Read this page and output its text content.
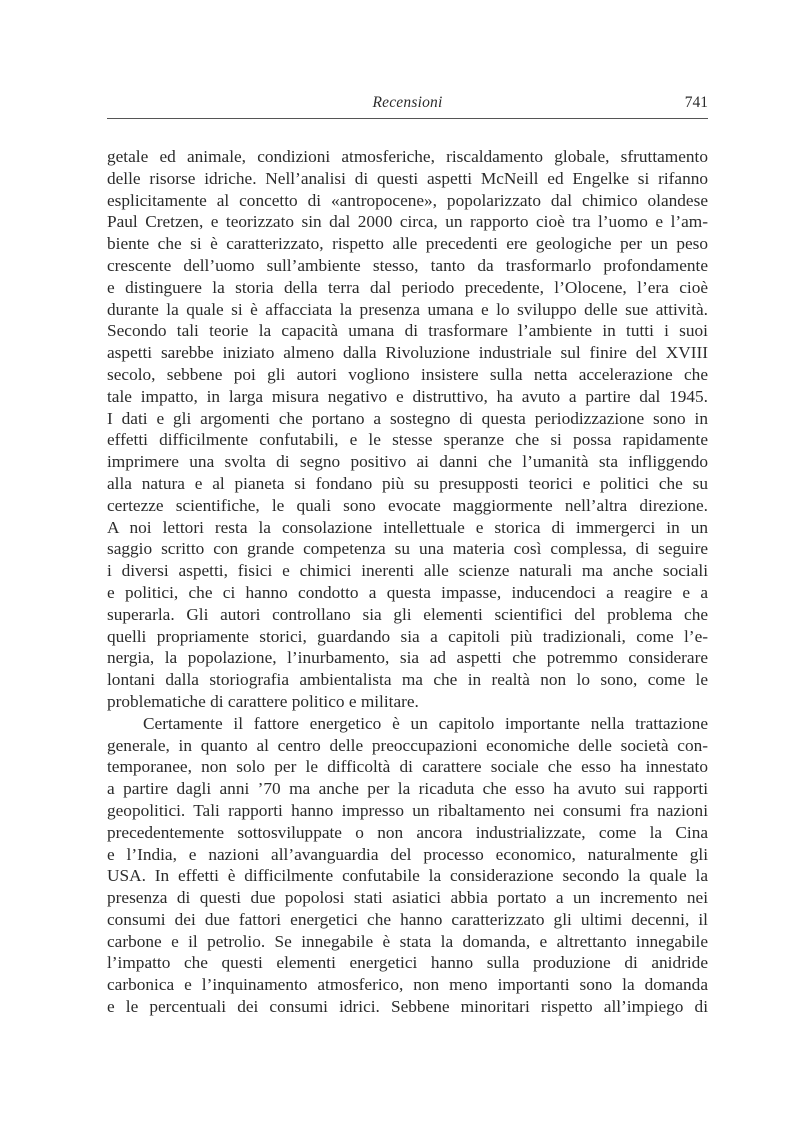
Recensioni	741
getale ed animale, condizioni atmosferiche, riscaldamento globale, sfruttamento
delle risorse idriche. Nell’analisi di questi aspetti McNeill ed Engelke si rifanno
esplicitamente al concetto di «antropocene», popolarizzato dal chimico olandese
Paul Cretzen, e teorizzato sin dal 2000 circa, un rapporto cioè tra l’uomo e l’am-
biente che si è caratterizzato, rispetto alle precedenti ere geologiche per un peso
crescente dell’uomo sull’ambiente stesso, tanto da trasformarlo profondamente
e distinguere la storia della terra dal periodo precedente, l’Olocene, l’era cioè
durante la quale si è affacciata la presenza umana e lo sviluppo delle sue attività.
Secondo tali teorie la capacità umana di trasformare l’ambiente in tutti i suoi
aspetti sarebbe iniziato almeno dalla Rivoluzione industriale sul finire del XVIII
secolo, sebbene poi gli autori vogliono insistere sulla netta accelerazione che
tale impatto, in larga misura negativo e distruttivo, ha avuto a partire dal 1945.
I dati e gli argomenti che portano a sostegno di questa periodizzazione sono in
effetti difficilmente confutabili, e le stesse speranze che si possa rapidamente
imprimere una svolta di segno positivo ai danni che l’umanità sta infliggendo
alla natura e al pianeta si fondano più su presupposti teorici e politici che su
certezze scientifiche, le quali sono evocate maggiormente nell’altra direzione.
A noi lettori resta la consolazione intellettuale e storica di immergerci in un
saggio scritto con grande competenza su una materia così complessa, di seguire
i diversi aspetti, fisici e chimici inerenti alle scienze naturali ma anche sociali
e politici, che ci hanno condotto a questa impasse, inducendoci a reagire e a
superarla. Gli autori controllano sia gli elementi scientifici del problema che
quelli propriamente storici, guardando sia a capitoli più tradizionali, come l’e-
nergia, la popolazione, l’inurbamento, sia ad aspetti che potremmo considerare
lontani dalla storiografia ambientalista ma che in realtà non lo sono, come le
problematiche di carattere politico e militare.
Certamente il fattore energetico è un capitolo importante nella trattazione
generale, in quanto al centro delle preoccupazioni economiche delle società con-
temporanee, non solo per le difficoltà di carattere sociale che esso ha innestato
a partire dagli anni ’70 ma anche per la ricaduta che esso ha avuto sui rapporti
geopolitici. Tali rapporti hanno impresso un ribaltamento nei consumi fra nazioni
precedentemente sottosviluppate o non ancora industrializzate, come la Cina
e l’India, e nazioni all’avanguardia del processo economico, naturalmente gli
USA. In effetti è difficilmente confutabile la considerazione secondo la quale la
presenza di questi due popolosi stati asiatici abbia portato a un incremento nei
consumi dei due fattori energetici che hanno caratterizzato gli ultimi decenni, il
carbone e il petrolio. Se innegabile è stata la domanda, e altrettanto innegabile
l’impatto che questi elementi energetici hanno sulla produzione di anidride
carbonica e l’inquinamento atmosferico, non meno importanti sono la domanda
e le percentuali dei consumi idrici. Sebbene minoritari rispetto all’impiego di
